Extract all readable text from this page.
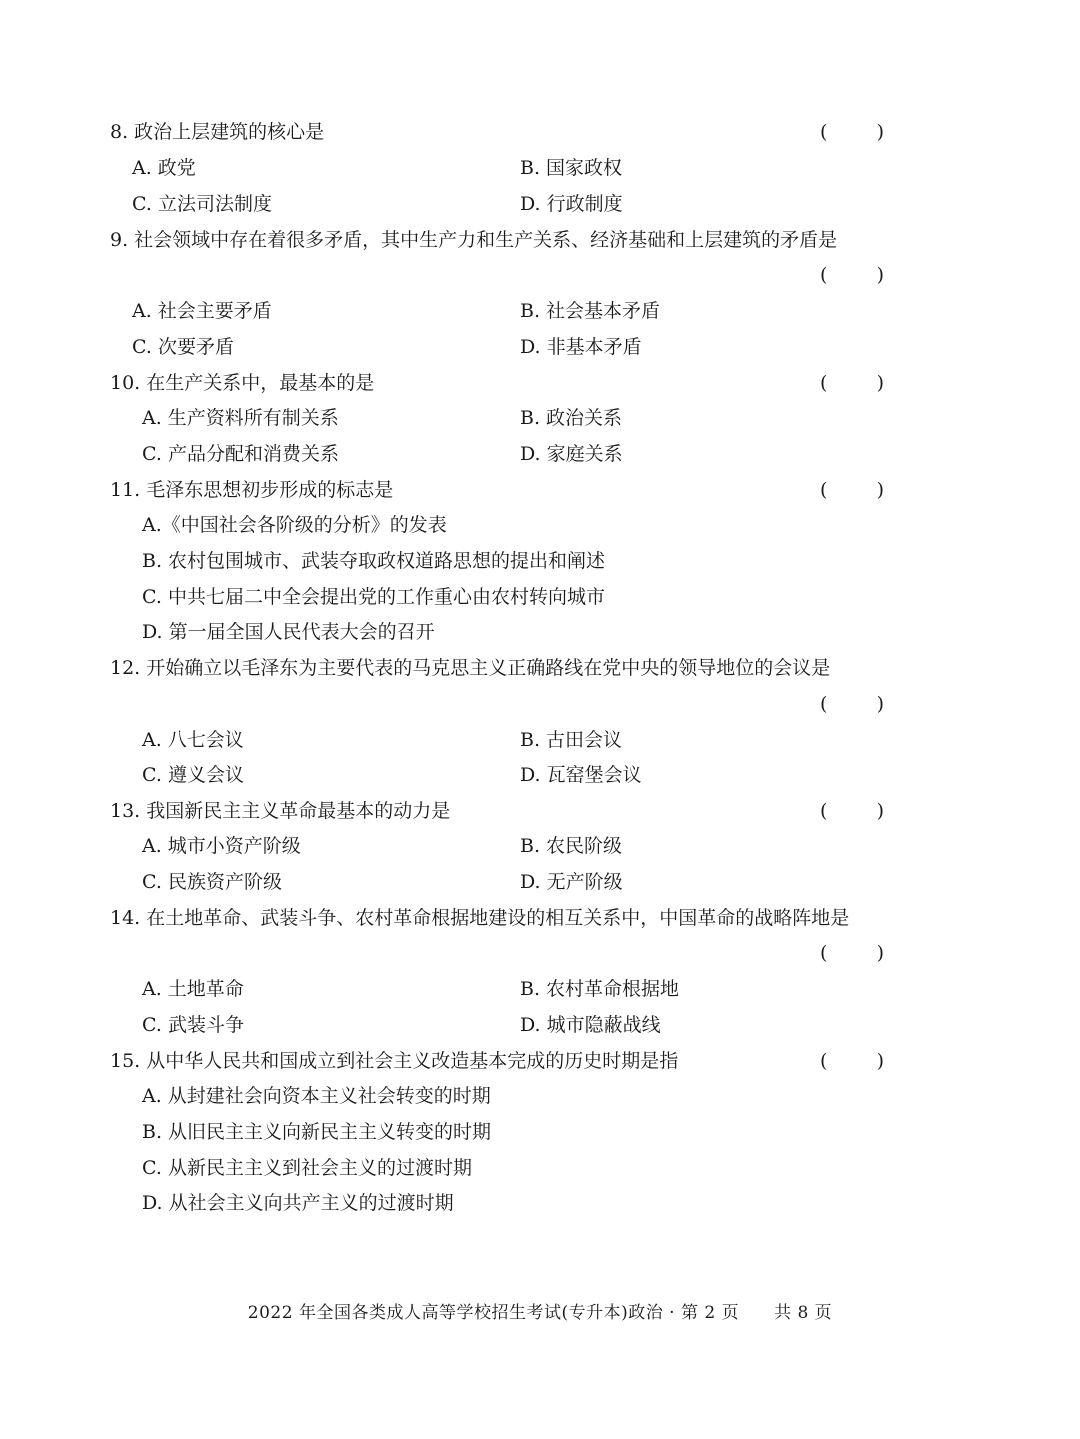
8. 政治上层建筑的核心是	(	)
A. 政党	B. 国家政权
C. 立法司法制度	D. 行政制度
9. 社会领域中存在着很多矛盾，其中生产力和生产关系、经济基础和上层建筑的矛盾是
(	)
A. 社会主要矛盾	B. 社会基本矛盾
C. 次要矛盾	D. 非基本矛盾
10. 在生产关系中，最基本的是	(	)
A. 生产资料所有制关系	B. 政治关系
C. 产品分配和消费关系	D. 家庭关系
11. 毛泽东思想初步形成的标志是	(	)
A.《中国社会各阶级的分析》的发表
B. 农村包围城市、武装夺取政权道路思想的提出和阐述
C. 中共七届二中全会提出党的工作重心由农村转向城市
D. 第一届全国人民代表大会的召开
12. 开始确立以毛泽东为主要代表的马克思主义正确路线在党中央的领导地位的会议是
(	)
A. 八七会议	B. 古田会议
C. 遵义会议	D. 瓦窑堡会议
13. 我国新民主主义革命最基本的动力是	(	)
A. 城市小资产阶级	B. 农民阶级
C. 民族资产阶级	D. 无产阶级
14. 在土地革命、武装斗争、农村革命根据地建设的相互关系中，中国革命的战略阵地是
(	)
A. 土地革命	B. 农村革命根据地
C. 武装斗争	D. 城市隐蔽战线
15. 从中华人民共和国成立到社会主义改造基本完成的历史时期是指	(	)
A. 从封建社会向资本主义社会转变的时期
B. 从旧民主主义向新民主主义转变的时期
C. 从新民主主义到社会主义的过渡时期
D. 从社会主义向共产主义的过渡时期
2022 年全国各类成人高等学校招生考试(专升本)政治 · 第 2 页　　共 8 页
